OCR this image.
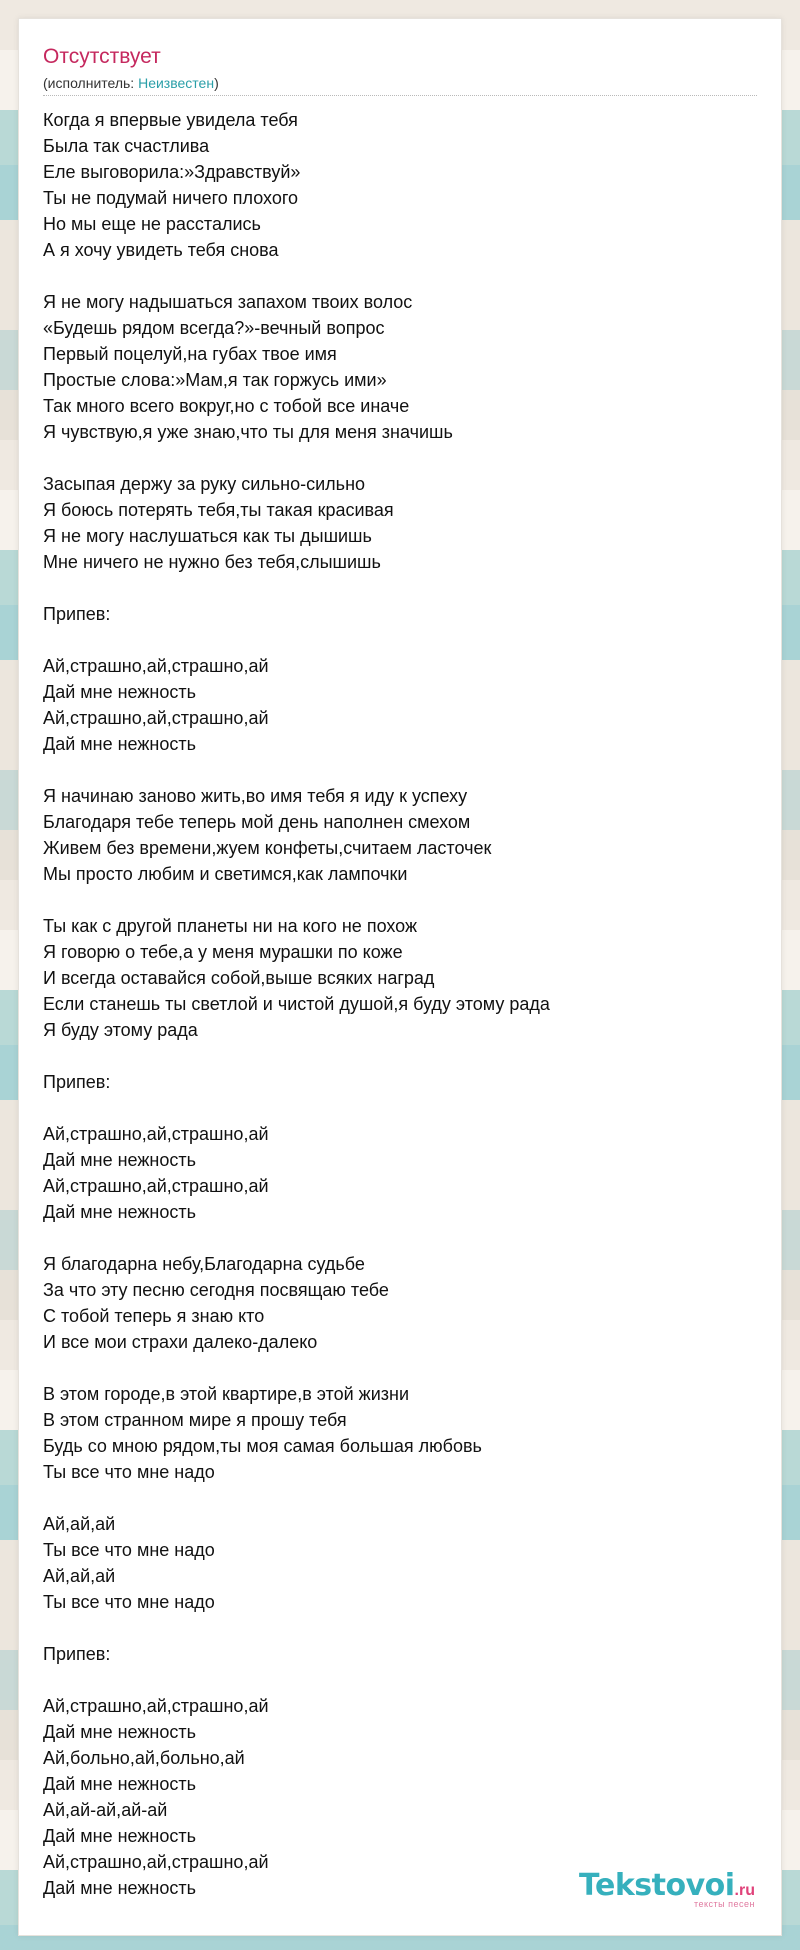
Отсутствует
(исполнитель: Неизвестен)
Когда я впервые увидела тебя
Была так счастлива
Еле выговорила:»Здравствуй»
Ты не подумай ничего плохого
Но мы еще не расстались
А я хочу увидеть тебя снова
Я не могу надышаться запахом твоих волос
«Будешь рядом всегда?»-вечный вопрос
Первый поцелуй,на губах твое имя
Простые слова:»Мам,я так горжусь ими»
Так много всего вокруг,но с тобой все иначе
Я чувствую,я уже знаю,что ты для меня значишь
Засыпая держу за руку сильно-сильно
Я боюсь потерять тебя,ты такая красивая
Я не могу наслушаться как ты дышишь
Мне ничего не нужно без тебя,слышишь
Припев:
Ай,страшно,ай,страшно,ай
Дай мне нежность
Ай,страшно,ай,страшно,ай
Дай мне нежность
Я начинаю заново жить,во имя тебя я иду к успеху
Благодаря тебе теперь мой день наполнен смехом
Живем без времени,жуем конфеты,считаем ласточек
Мы просто любим и светимся,как лампочки
Ты как с другой планеты ни на кого не похож
Я говорю о тебе,а у меня мурашки по коже
И всегда оставайся собой,выше всяких наград
Если станешь ты светлой и чистой душой,я буду этому рада
Я буду этому рада
Припев:
Ай,страшно,ай,страшно,ай
Дай мне нежность
Ай,страшно,ай,страшно,ай
Дай мне нежность
Я благодарна небу,Благодарна судьбе
За что эту песню сегодня посвящаю тебе
С тобой теперь я знаю кто
И все мои страхи далеко-далеко
В этом городе,в этой квартире,в этой жизни
В этом странном мире я прошу тебя
Будь со мною рядом,ты моя самая большая любовь
Ты все что мне надо
Ай,ай,ай
Ты все что мне надо
Ай,ай,ай
Ты все что мне надо
Припев:
Ай,страшно,ай,страшно,ай
Дай мне нежность
Ай,больно,ай,больно,ай
Дай мне нежность
Ай,ай-ай,ай-ай
Дай мне нежность
Ай,страшно,ай,страшно,ай
Дай мне нежность	Tekstovoi.ru
тексты песен
